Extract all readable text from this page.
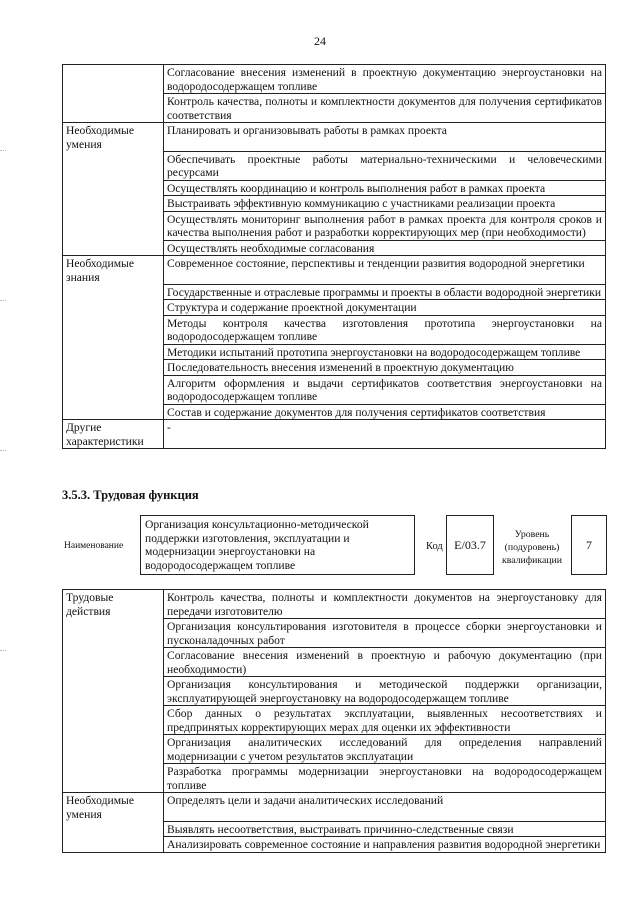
24
	Согласование внесения изменений в проектную документацию энергоустановки на водородосодержащем топливе
	Контроль качества, полноты и комплектности документов для получения сертификатов соответствия
Необходимые умения	Планировать и организовывать работы в рамках проекта
	Обеспечивать проектные работы материально-техническими и человеческими ресурсами
	Осуществлять координацию и контроль выполнения работ в рамках проекта
	Выстраивать эффективную коммуникацию с участниками реализации проекта
	Осуществлять мониторинг выполнения работ в рамках проекта для контроля сроков и качества выполнения работ и разработки корректирующих мер (при необходимости)
	Осуществлять необходимые согласования
Необходимые знания	Современное состояние, перспективы и тенденции развития водородной энергетики
	Государственные и отраслевые программы и проекты в области водородной энергетики
	Структура и содержание проектной документации
	Методы контроля качества изготовления прототипа энергоустановки на водородосодержащем топливе
	Методики испытаний прототипа энергоустановки на водородосодержащем топливе
	Последовательность внесения изменений в проектную документацию
	Алгоритм оформления и выдачи сертификатов соответствия энергоустановки на водородосодержащем топливе
	Состав и содержание документов для получения сертификатов соответствия
Другие характеристики	-
3.5.3. Трудовая функция
Наименование
Организация консультационно-методической поддержки изготовления, эксплуатации и модернизации энергоустановки на водородосодержащем топливе
Код E/03.7
Уровень (подуровень) квалификации
7
Трудовые действия	Контроль качества, полноты и комплектности документов на энергоустановку для передачи изготовителю
	Организация консультирования изготовителя в процессе сборки энергоустановки и пусконаладочных работ
	Согласование внесения изменений в проектную и рабочую документацию (при необходимости)
	Организация консультирования и методической поддержки организации, эксплуатирующей энергоустановку на водородосодержащем топливе
	Сбор данных о результатах эксплуатации, выявленных несоответствиях и предпринятых корректирующих мерах для оценки их эффективности
	Организация аналитических исследований для определения направлений модернизации с учетом результатов эксплуатации
	Разработка программы модернизации энергоустановки на водородосодержащем топливе
Необходимые умения	Определять цели и задачи аналитических исследований
	Выявлять несоответствия, выстраивать причинно-следственные связи
	Анализировать современное состояние и направления развития водородной энергетики
